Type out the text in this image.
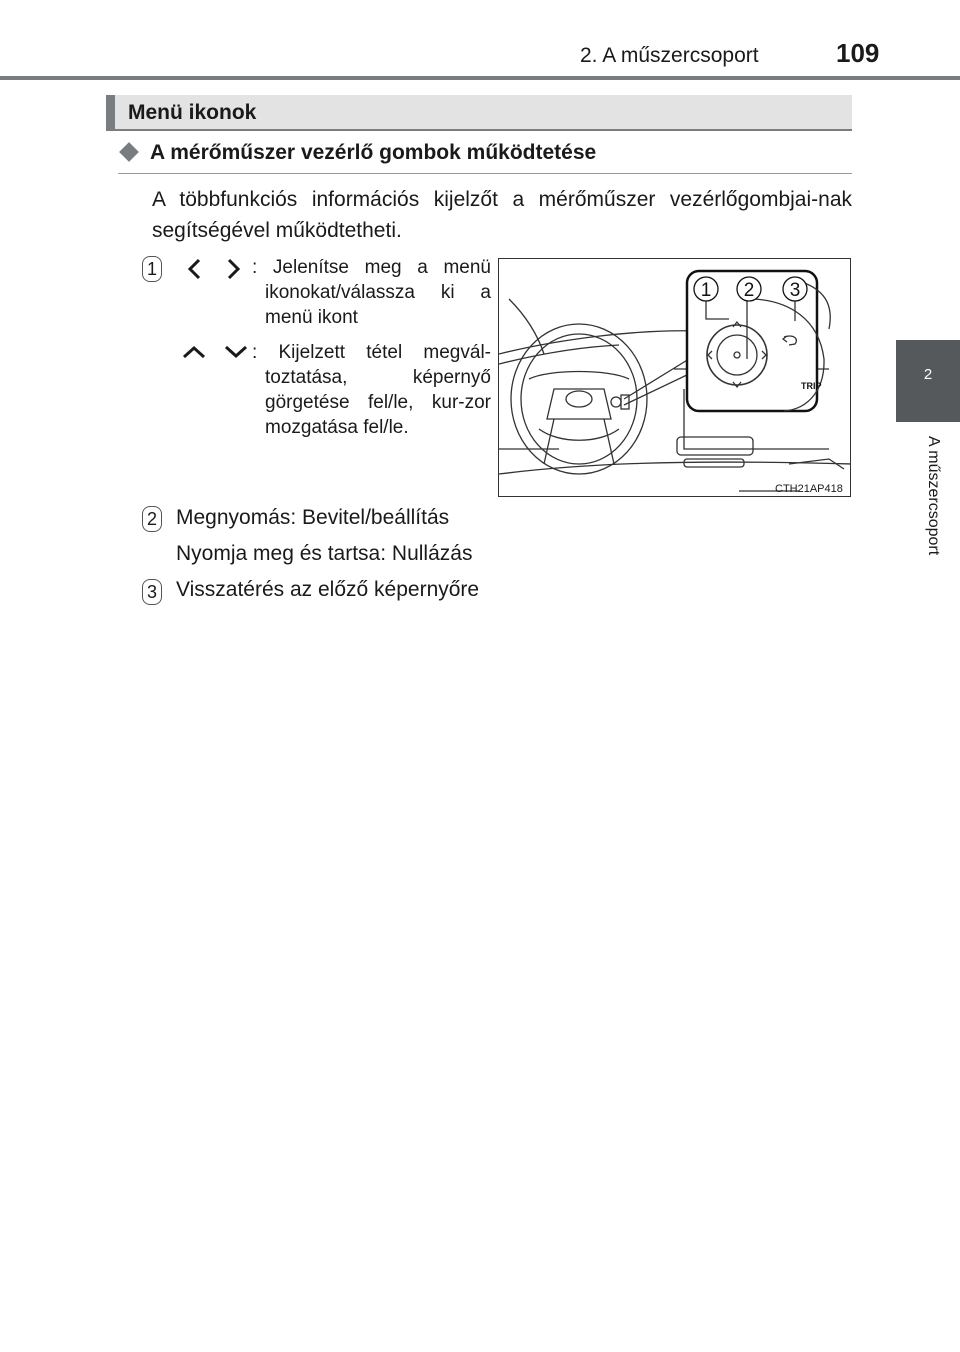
2. A műszercsoport	109
2
A műszercsoport
Menü ikonok
A mérőműszer vezérlő gombok működtetése
A többfunkciós információs kijelzőt a mérőműszer vezérlőgombjai-nak segítségével működtetheti.
1	: Jelenítse meg a menü ikonokat/válassza ki a menü ikont
: Kijelzett tétel megvál-toztatása, képernyő görgetése fel/le, kur-zor mozgatása fel/le.
2 Megnyomás: Bevitel/beállítás
Nyomja meg és tartsa: Nullázás
3 Visszatérés az előző képernyőre
TRIP
1 2 3
CTH21AP418
